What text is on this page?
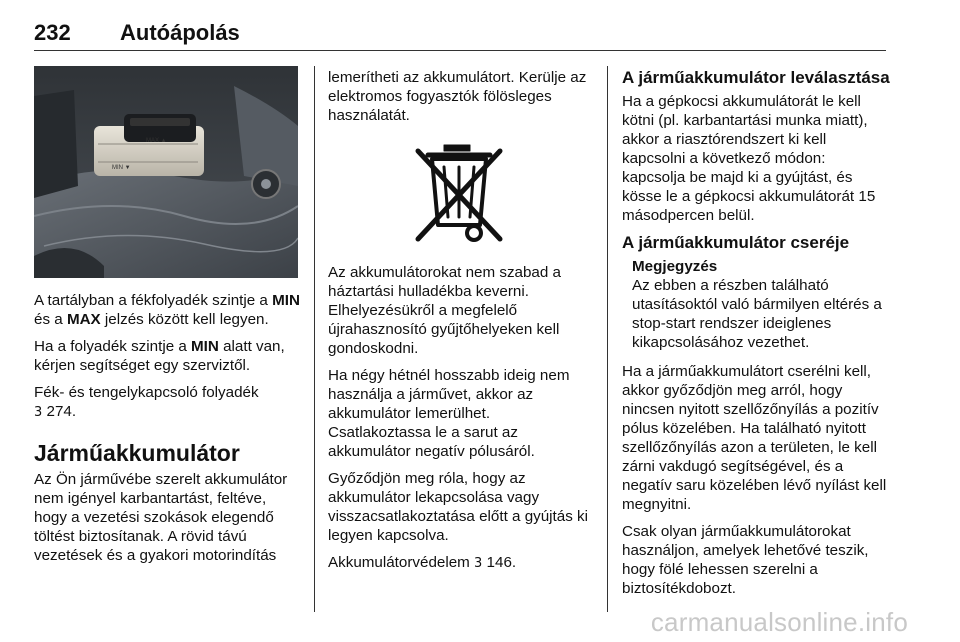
232 Autóápolás
MAX ▲
MIN ▼

A tartályban a fékfolyadék szintje a MIN és a MAX jelzés között kell legyen.

Ha a folyadék szintje a MIN alatt van, kérjen segítséget egy szerviztől.

Fék- és tengelykapcsoló folyadék
3 274.

Járműakkumulátor

Az Ön járművébe szerelt akkumulátor nem igényel karbantartást, feltéve, hogy a vezetési szokások elegendő töltést biztosítanak. A rövid távú vezetések és a gyakori motorindítás

lemerítheti az akkumulátort. Kerülje az elektromos fogyasztók fölösleges használatát.

Az akkumulátorokat nem szabad a háztartási hulladékba keverni. Elhelyezésükről a megfelelő újrahasznosító gyűjtőhelyeken kell gondoskodni.

Ha négy hétnél hosszabb ideig nem használja a járművet, akkor az akkumulátor lemerülhet. Csatlakoztassa le a sarut az akkumulátor negatív pólusáról.

Győződjön meg róla, hogy az akkumulátor lekapcsolása vagy visszacsatlakoztatása előtt a gyújtás ki legyen kapcsolva.

Akkumulátorvédelem 3 146.

A járműakkumulátor leválasztása

Ha a gépkocsi akkumulátorát le kell kötni (pl. karbantartási munka miatt), akkor a riasztórendszert ki kell kapcsolni a következő módon: kapcsolja be majd ki a gyújtást, és kösse le a gépkocsi akkumulátorát 15 másodpercen belül.

A járműakkumulátor cseréje
Megjegyzés
Az ebben a részben található utasításoktól való bármilyen eltérés a stop-start rendszer ideiglenes kikapcsolásához vezethet.

Ha a járműakkumulátort cserélni kell, akkor győződjön meg arról, hogy nincsen nyitott szellőzőnyílás a pozitív pólus közelében. Ha található nyitott szellőzőnyílás azon a területen, le kell zárni vakdugó segítségével, és a negatív saru közelében lévő nyílást kell megnyitni.

Csak olyan járműakkumulátorokat használjon, amelyek lehetővé teszik, hogy fölé lehessen szerelni a biztosítékdobozt.

carmanualsonline.info
